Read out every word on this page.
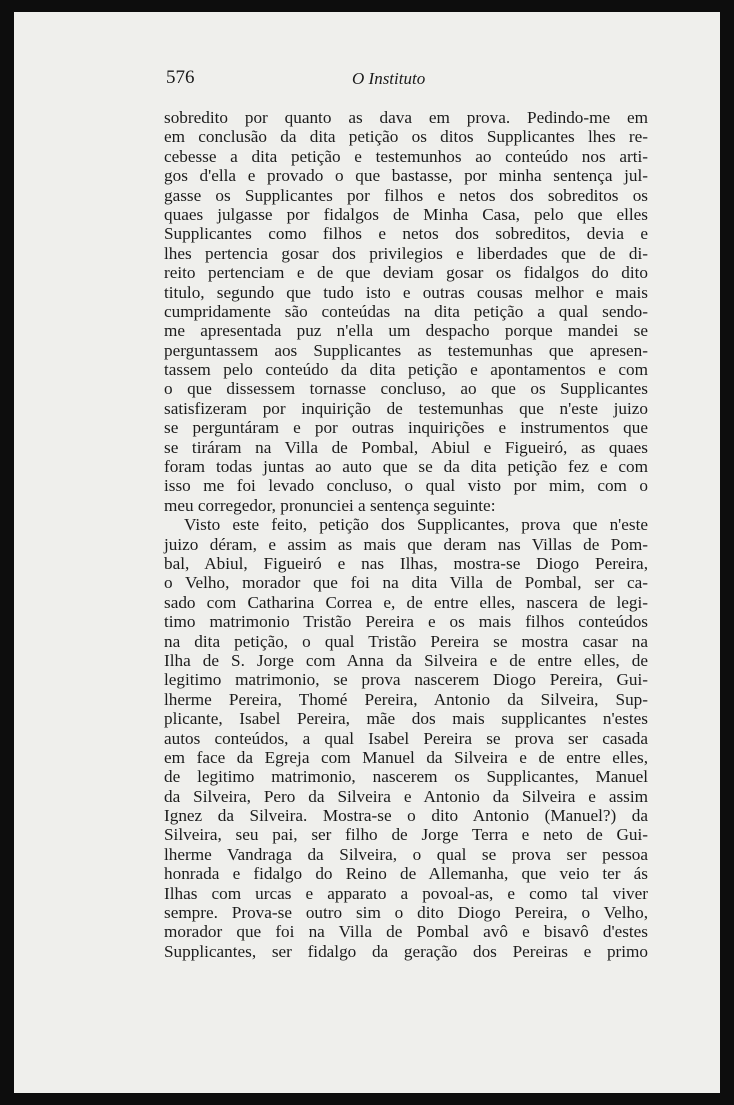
576	O Instituto
sobredito por quanto as dava em prova. Pedindo-me em
em conclusão da dita petição os ditos Supplicantes lhes re-
cebesse a dita petição e testemunhos ao conteúdo nos arti-
gos d'ella e provado o que bastasse, por minha sentença jul-
gasse os Supplicantes por filhos e netos dos sobreditos os
quaes julgasse por fidalgos de Minha Casa, pelo que elles
Supplicantes como filhos e netos dos sobreditos, devia e
lhes pertencia gosar dos privilegios e liberdades que de di-
reito pertenciam e de que deviam gosar os fidalgos do dito
titulo, segundo que tudo isto e outras cousas melhor e mais
cumpridamente são conteúdas na dita petição a qual sendo-
me apresentada puz n'ella um despacho porque mandei se
perguntassem aos Supplicantes as testemunhas que apresen-
tassem pelo conteúdo da dita petição e apontamentos e com
o que dissessem tornasse concluso, ao que os Supplicantes
satisfizeram por inquirição de testemunhas que n'este juizo
se perguntáram e por outras inquirições e instrumentos que
se tiráram na Villa de Pombal, Abiul e Figueiró, as quaes
foram todas juntas ao auto que se da dita petição fez e com
isso me foi levado concluso, o qual visto por mim, com o
meu corregedor, pronunciei a sentença seguinte:
Visto este feito, petição dos Supplicantes, prova que n'este
juizo déram, e assim as mais que deram nas Villas de Pom-
bal, Abiul, Figueiró e nas Ilhas, mostra-se Diogo Pereira,
o Velho, morador que foi na dita Villa de Pombal, ser ca-
sado com Catharina Correa e, de entre elles, nascera de legi-
timo matrimonio Tristão Pereira e os mais filhos conteúdos
na dita petição, o qual Tristão Pereira se mostra casar na
Ilha de S. Jorge com Anna da Silveira e de entre elles, de
legitimo matrimonio, se prova nascerem Diogo Pereira, Gui-
lherme Pereira, Thomé Pereira, Antonio da Silveira, Sup-
plicante, Isabel Pereira, mãe dos mais supplicantes n'estes
autos conteúdos, a qual Isabel Pereira se prova ser casada
em face da Egreja com Manuel da Silveira e de entre elles,
de legitimo matrimonio, nascerem os Supplicantes, Manuel
da Silveira, Pero da Silveira e Antonio da Silveira e assim
Ignez da Silveira. Mostra-se o dito Antonio (Manuel?) da
Silveira, seu pai, ser filho de Jorge Terra e neto de Gui-
lherme Vandraga da Silveira, o qual se prova ser pessoa
honrada e fidalgo do Reino de Allemanha, que veio ter ás
Ilhas com urcas e apparato a povoal-as, e como tal viver
sempre. Prova-se outro sim o dito Diogo Pereira, o Velho,
morador que foi na Villa de Pombal avô e bisavô d'estes
Supplicantes, ser fidalgo da geração dos Pereiras e primo
